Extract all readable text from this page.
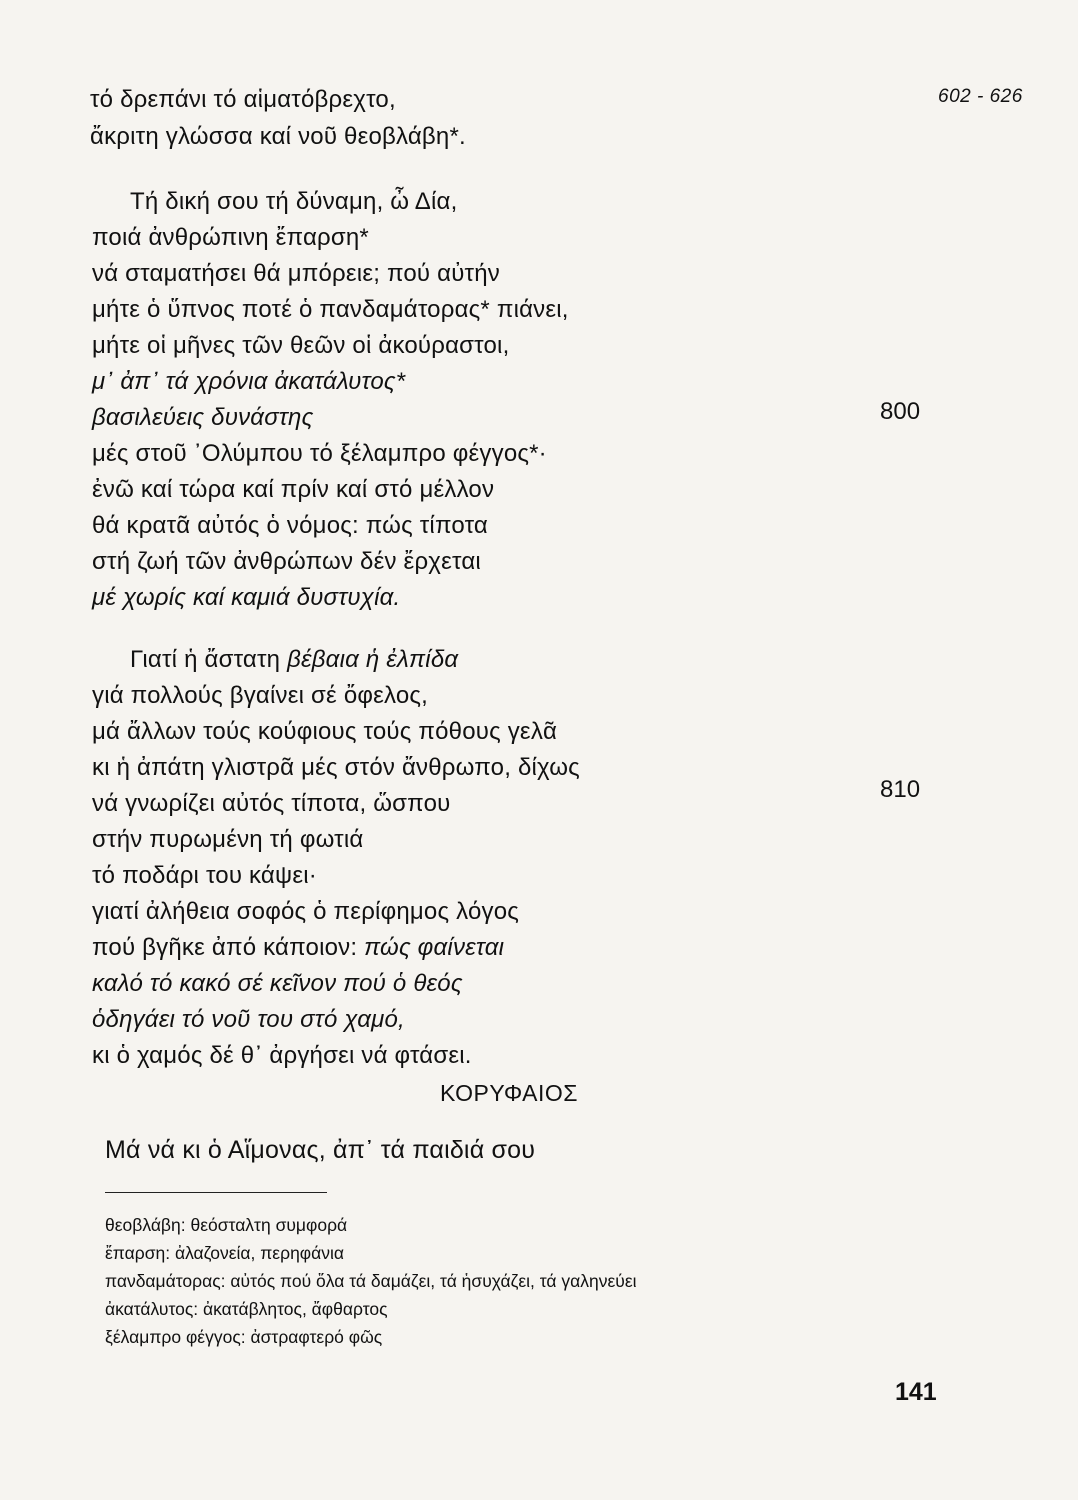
602 - 626
τό δρεπάνι τό αἱματόβρεχτο,
ἄκριτη γλώσσα καί νοῦ θεοβλάβη*.
Τή δική σου τή δύναμη, ὦ Δία,
ποιά ἀνθρώπινη ἔπαρση*
νά σταματήσει θά μπόρειε; πού αὐτήν
μήτε ὁ ὕπνος ποτέ ὁ πανδαμάτορας* πιάνει,
μήτε οἱ μῆνες τῶν θεῶν οἱ ἀκούραστοι,
μ᾽ ἀπ᾽ τά χρόνια ἀκατάλυτος*
βασιλεύεις δυνάστης
μές στοῦ ᾿Ολύμπου τό ξέλαμπρο φέγγος*·
ἐνῶ καί τώρα καί πρίν καί στό μέλλον
θά κρατᾶ αὐτός ὁ νόμος: πώς τίποτα
στή ζωή τῶν ἀνθρώπων δέν ἔρχεται
μέ χωρίς καί καμιά δυστυχία.
800
Γιατί ἡ ἄστατη βέβαια ἡ ἐλπίδα
γιά πολλούς βγαίνει σέ ὄφελος,
μά ἄλλων τούς κούφιους τούς πόθους γελᾶ
κι ἡ ἀπάτη γλιστρᾶ μές στόν ἄνθρωπο, δίχως
νά γνωρίζει αὐτός τίποτα, ὥσπου
στήν πυρωμένη τή φωτιά
τό ποδάρι του κάψει·
γιατί ἀλήθεια σοφός ὁ περίφημος λόγος
πού βγῆκε ἀπό κάποιον: πώς φαίνεται
καλό τό κακό σέ κεῖνον πού ὁ θεός
ὁδηγάει τό νοῦ του στό χαμό,
κι ὁ χαμός δέ θ᾽ ἀργήσει νά φτάσει.
810
ΚΟΡΥΦΑΙΟΣ
Μά νά κι ὁ Αἵμονας, ἀπ᾽ τά παιδιά σου
θεοβλάβη: θεόσταλτη συμφορά
ἔπαρση: ἀλαζονεία, περηφάνια
πανδαμάτορας: αὐτός πού ὅλα τά δαμάζει, τά ἡσυχάζει, τά γαληνεύει
ἀκατάλυτος: ἀκατάβλητος, ἄφθαρτος
ξέλαμπρο φέγγος: ἀστραφτερό φῶς
141
